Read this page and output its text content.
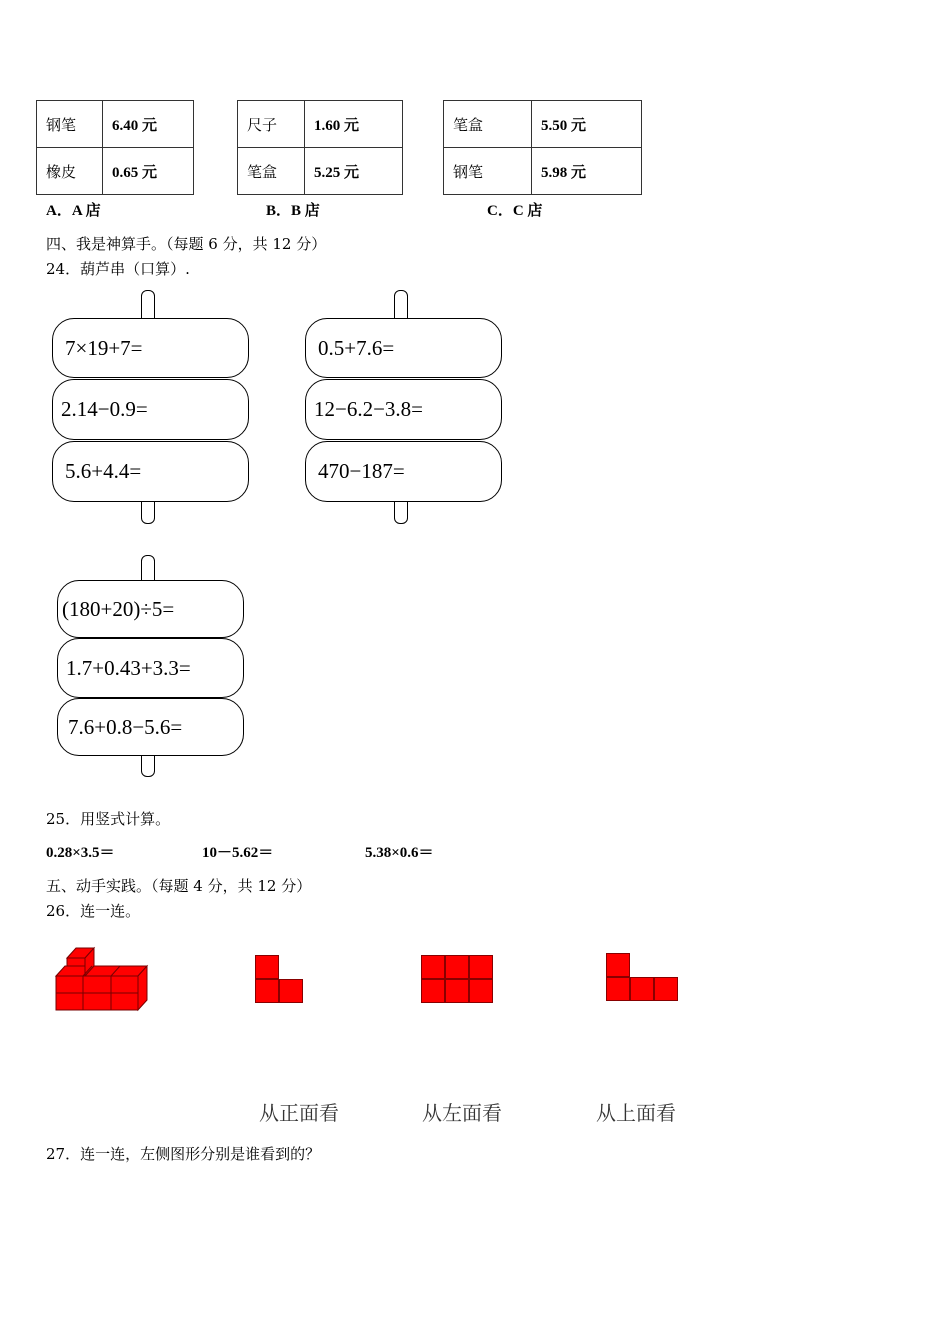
钢笔	6.40 元
橡皮	0.65 元
尺子	1.60 元
笔盒	5.25 元
笔盒	5.50 元
钢笔	5.98 元
A．A 店	B．B 店	C．C 店
四、我是神算手。（每题 6 分，共 12 分）
24．葫芦串（口算）.
7×19+7=
2.14−0.9=
5.6+4.4=
0.5+7.6=
12−6.2−3.8=
470−187=
(180+20)÷5=
1.7+0.43+3.3=
7.6+0.8−5.6=
25．用竖式计算。
0.28×3.5＝	10－5.62＝	5.38×0.6＝
五、动手实践。（每题 4 分，共 12 分）
26．连一连。
从正面看	从左面看	从上面看
27．连一连，左侧图形分别是谁看到的？
